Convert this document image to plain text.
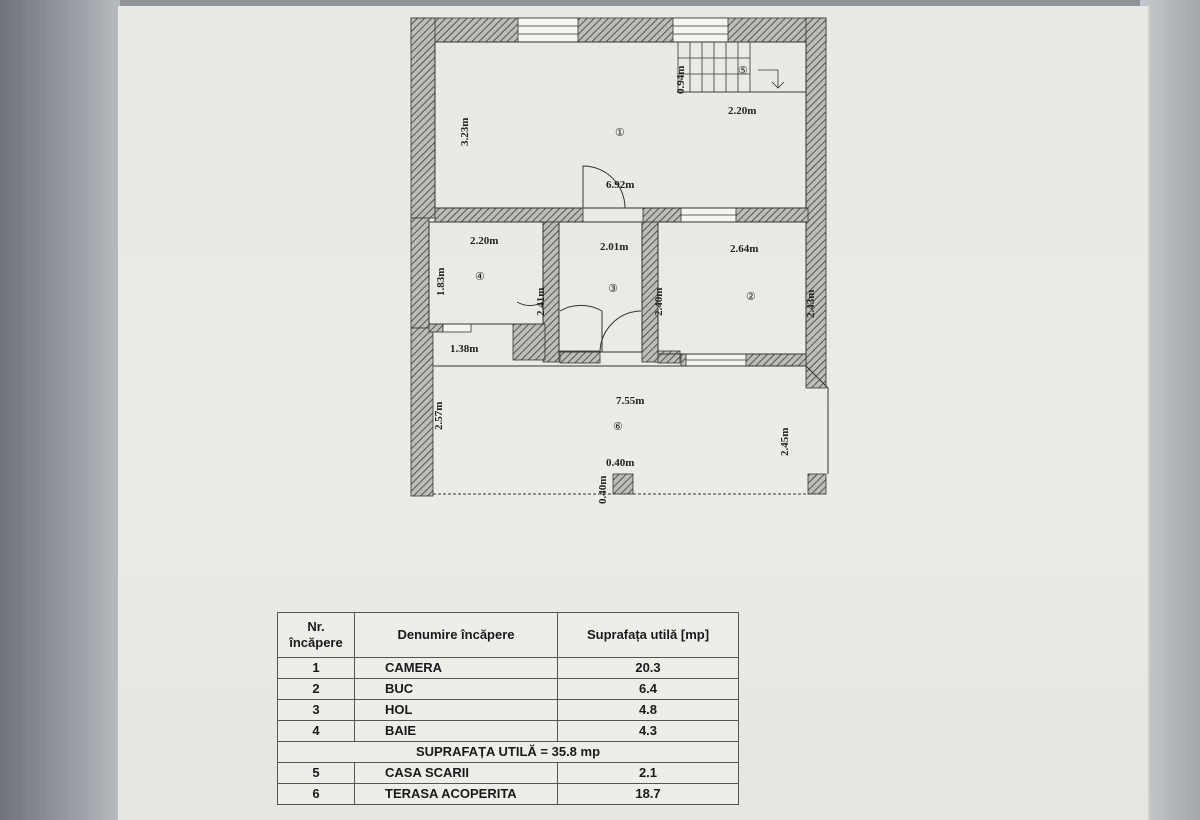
①
②
③
④
⑤
⑥
3.23m
0.94m
2.20m
6.92m
2.20m	2.01m	2.64m
1.83m
2.41m	2.40m	2.43m
1.38m
2.57m
7.55m
2.45m
0.40m
0.40m
Nr. încăpere	Denumire încăpere	Suprafața utilă [mp]
1	CAMERA	20.3
2	BUC	6.4
3	HOL	4.8
4	BAIE	4.3
SUPRAFAȚA UTILĂ = 35.8 mp		
5	CASA SCARII	2.1
6	TERASA ACOPERITA	18.7
